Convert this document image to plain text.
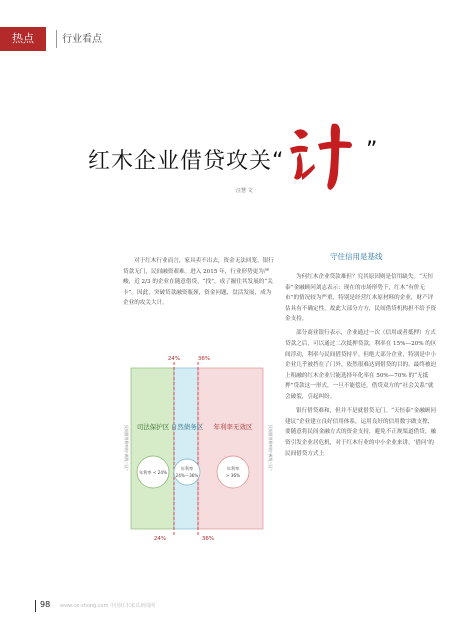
热点	行业看点
红木企业借贷攻关“	计 ”
汪慧 文
对于红木行业而言，家具卖不出去，资金无法回笼，银行贷款无门，民间融资艰难。进入 2015 年，行业形势更为严峻，近 2/3 的企业在随意借贷，“找”，成了掘住其发展的“关卡”。因此，突破贷款融资瓶颈，资金问题、盘活发展，成为企业的攻关大计。
守住信用是基线

为何红木企业贷款难但？究其原因则是信用缺失。“天恒泰”金融顾问刘志表示：现在的市场形势下，红木“有价无市”的情况较为严重，特别是经营红木原材料的企业，财产评估具有不确定性，故此大部分方方，民间借贷机构担不给予资金支持。

部分商业银行表示，企业通过一次（信用或者抵押）方式贷款之后，可以通过二次抵押贷款，利率在 15%—20% 的区间浮动，利率与民间借贷持平。但绝大部分企业，特别是中小企业几乎被挡在了门外，依然很难达到借贷的目的。最终被迫上租融的红木企业只能选择年化率在 50%—70% 的“无抵押”贷款这一形式，一旦不能偿还，借贷双方的“社会关系”就会破裂，引起纠纷。

银行借贷难和，但并不是就借贷无门。“天恒泰”金融顾问建议“企业建立良好信用体系，运用良好的信用数字做支撑，要随意将民间金融方式的资金支持，避免不正规渠道借贷，融资引发企业居危机，对于红木行业的中小企业来讲，‘借问’的民间借贷方式上

24%	36%
24%	36%
司法保护区 自然债务区 年利率无效区
年利率 < 24%
年利率
24%～36%
年利率
> 36%
民间借贷利率的“两线三区”	民间借贷利率的“两线三区”
98 www.ce-zhong.com 中国红木家具新闻网
